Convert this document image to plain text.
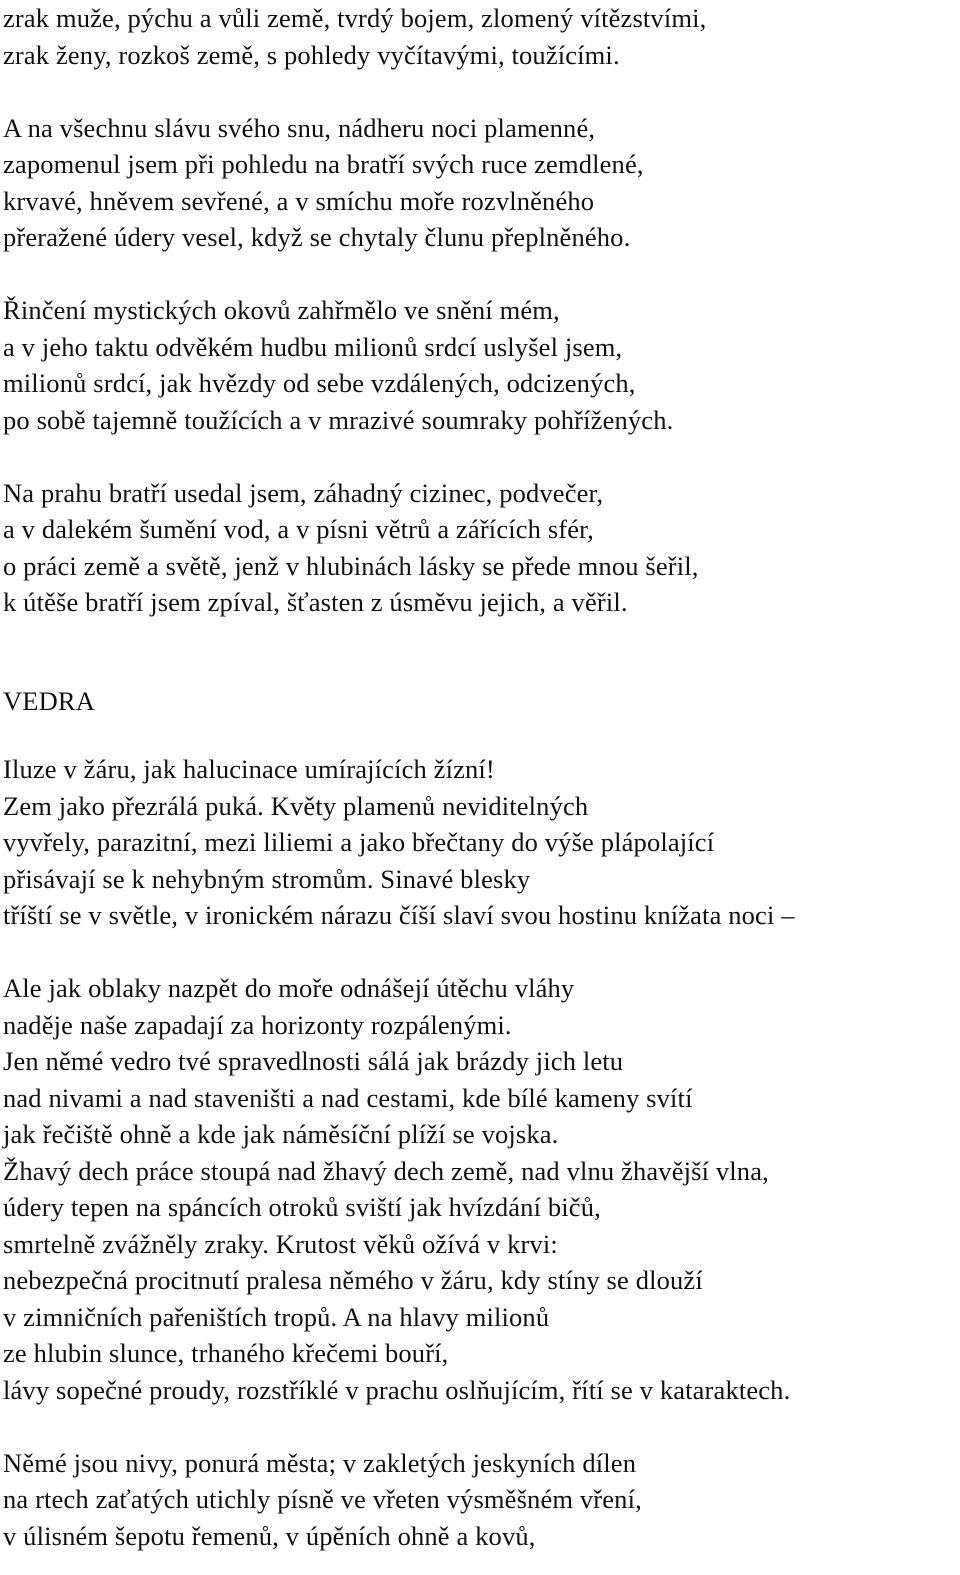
zrak muže, pýchu a vůli země, tvrdý bojem, zlomený vítězstvími,
zrak ženy, rozkoš země, s pohledy vyčítavými, toužícími.
A na všechnu slávu svého snu, nádheru noci plamenné,
zapomenul jsem při pohledu na bratří svých ruce zemdlené,
krvavé, hněvem sevřené, a v smíchu moře rozvlněného
přeražené údery vesel, když se chytaly člunu přeplněného.
Řinčení mystických okovů zahřmělo ve snění mém,
a v jeho taktu odvěkém hudbu milionů srdcí uslyšel jsem,
milionů srdcí, jak hvězdy od sebe vzdálených, odcizených,
po sobě tajemně toužících a v mrazivé soumraky pohřížených.
Na prahu bratří usedal jsem, záhadný cizinec, podvečer,
a v dalekém šumění vod, a v písni větrů a zářících sfér,
o práci země a světě, jenž v hlubinách lásky se přede mnou šeřil,
k útěše bratří jsem zpíval, šťasten z úsměvu jejich, a věřil.
VEDRA
Iluze v žáru, jak halucinace umírajících žízní!
Zem jako přezrálá puká. Květy plamenů neviditelných
vyvřely, parazitní, mezi liliemi a jako břečtany do výše plápolající
přisávají se k nehybným stromům. Sinavé blesky
tříští se v světle, v ironickém nárazu číší slaví svou hostinu knížata noci –
Ale jak oblaky nazpět do moře odnášejí útěchu vláhy
naděje naše zapadají za horizonty rozpálenými.
Jen němé vedro tvé spravedlnosti sálá jak brázdy jich letu
nad nivami a nad staveništi a nad cestami, kde bílé kameny svítí
jak řečiště ohně a kde jak náměsíční plíží se vojska.
Žhavý dech práce stoupá nad žhavý dech země, nad vlnu žhavější vlna,
údery tepen na spáncích otroků sviští jak hvízdání bičů,
smrtelně zvážněly zraky. Krutost věků ožívá v krvi:
nebezpečná procitnutí pralesa němého v žáru, kdy stíny se dlouží
v zimničních pařeništích tropů. A na hlavy milionů
ze hlubin slunce, trhaného křečemi bouří,
lávy sopečné proudy, rozstříklé v prachu oslňujícím, řítí se v kataraktech.
Němé jsou nivy, ponurá města; v zakletých jeskyních dílen
na rtech zaťatých utichly písně ve vřeten výsměšném vření,
v úlisném šepotu řemenů, v úpěních ohně a kovů,
